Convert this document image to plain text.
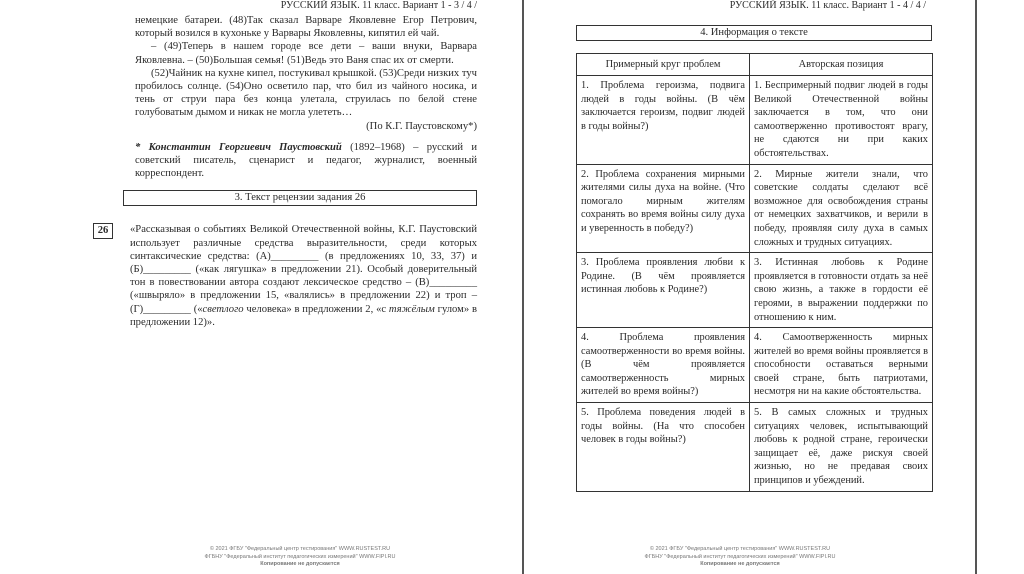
РУССКИЙ ЯЗЫК. 11 класс. Вариант 1 - 3 / 4 /

немецкие батареи. (48)Так сказал Варваре Яковлевне Егор Петрович, который возился в кухоньке у Варвары Яковлевны, кипятил ей чай.

– (49)Теперь в нашем городе все дети – ваши внуки, Варвара Яковлевна. – (50)Большая семья! (51)Ведь это Ваня спас их от смерти.

(52)Чайник на кухне кипел, постукивал крышкой. (53)Среди низких туч пробилось солнце. (54)Оно осветило пар, что бил из чайного носика, и тень от струи пара без конца улетала, струилась по белой стене голубоватым дымом и никак не могла улететь…

(По К.Г. Паустовскому*)

* Константин Георгиевич Паустовский (1892–1968) – русский и советский писатель, сценарист и педагог, журналист, военный корреспондент.

3. Текст рецензии задания 26
26	«Рассказывая о событиях Великой Отечественной войны, К.Г. Паустовский использует различные средства выразительности, среди которых синтаксические средства: (А)_________ (в предложениях 10, 33, 37) и (Б)_________ («как лягушка» в предложении 21). Особый доверительный тон в повествовании автора создают лексическое средство – (В)_________ («швыряло» в предложении 15, «валялись» в предложении 22) и троп – (Г)_________ («светлого человека» в предложении 2, «с тяжёлым гулом» в предложении 12)».

© 2021 ФГБУ "Федеральный центр тестирования" WWW.RUSTEST.RU
ФГБНУ "Федеральный институт педагогических измерений" WWW.FIPI.RU
Копирование не допускается
РУССКИЙ ЯЗЫК. 11 класс. Вариант 1 - 4 / 4 /
4. Информация о тексте
Примерный круг проблем	Авторская позиция
1. Проблема героизма, подвига людей в годы войны. (В чём заключается героизм, подвиг людей в годы войны?)	1. Беспримерный подвиг людей в годы Великой Отечественной войны заключается в том, что они самоотверженно противостоят врагу, не сдаются ни при каких обстоятельствах.
2. Проблема сохранения мирными жителями силы духа на войне. (Что помогало мирным жителям сохранять во время войны силу духа и уверенность в победу?)	2. Мирные жители знали, что советские солдаты сделают всё возможное для освобождения страны от немецких захватчиков, и верили в победу, проявляя силу духа в самых сложных и трудных ситуациях.
3. Проблема проявления любви к Родине. (В чём проявляется истинная любовь к Родине?)	3. Истинная любовь к Родине проявляется в готовности отдать за неё свою жизнь, а также в гордости её героями, в выражении поддержки по отношению к ним.
4. Проблема проявления самоотверженности во время войны. (В чём проявляется самоотверженность мирных жителей во время войны?)	4. Самоотверженность мирных жителей во время войны проявляется в способности оставаться верными своей стране, быть патриотами, несмотря ни на какие обстоятельства.
5. Проблема поведения людей в годы войны. (На что способен человек в годы войны?)	5. В самых сложных и трудных ситуациях человек, испытывающий любовь к родной стране, героически защищает её, даже рискуя своей жизнью, но не предавая своих принципов и убеждений.
© 2021 ФГБУ "Федеральный центр тестирования" WWW.RUSTEST.RU
ФГБНУ "Федеральный институт педагогических измерений" WWW.FIPI.RU
Копирование не допускается
